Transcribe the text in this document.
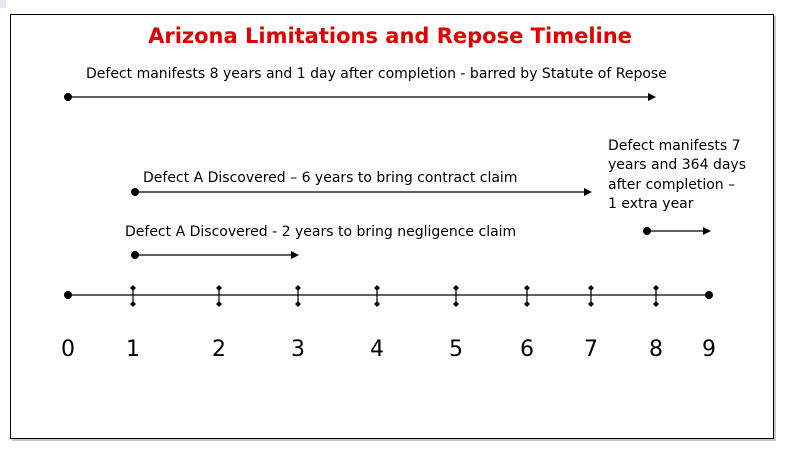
Arizona Limitations and Repose Timeline
Defect manifests 8 years and 1 day after completion - barred by Statute of Repose
Defect A Discovered – 6 years to bring contract claim
Defect A Discovered - 2 years to bring negligence claim
Defect manifests 7
years and 364 days
after completion –
1 extra year
0 1	2	3	4	5	6 7 8 9
